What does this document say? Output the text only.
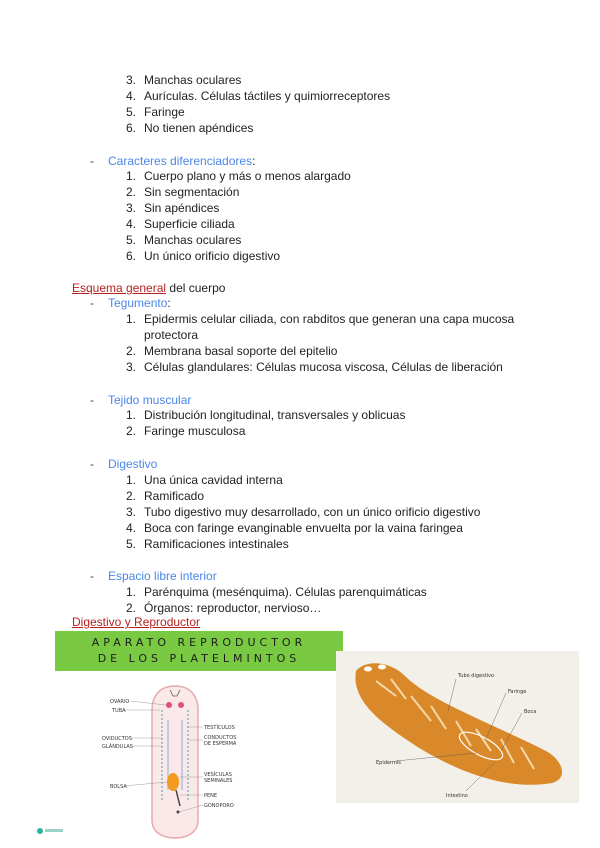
3. Manchas oculares
4. Aurículas. Células táctiles y quimiorreceptores
5. Faringe
6. No tienen apéndices
- Caracteres diferenciadores:
1. Cuerpo plano y más o menos alargado
2. Sin segmentación
3. Sin apéndices
4. Superficie ciliada
5. Manchas oculares
6. Un único orificio digestivo
Esquema general del cuerpo
- Tegumento:
1. Epidermis celular ciliada, con rabditos que generan una capa mucosa protectora
2. Membrana basal soporte del epitelio
3. Células glandulares: Células mucosa viscosa, Células de liberación
- Tejido muscular
1. Distribución longitudinal, transversales y oblicuas
2. Faringe musculosa
- Digestivo
1. Una única cavidad interna
2. Ramificado
3. Tubo digestivo muy desarrollado, con un único orificio digestivo
4. Boca con faringe evanginable envuelta por la vaina faringea
5. Ramificaciones intestinales
- Espacio libre interior
1. Parénquima (mesénquima). Células parenquimáticas
2. Órganos: reproductor, nervioso…
Digestivo y Reproductor
APARATO REPRODUCTOR
DE LOS PLATELMINTOS
OVARIO
TUBA
OVIDUCTOS
GLÁNDULAS
BOLSA
TESTÍCULOS
CONDUCTOS
DE ESPERMA
VESÍCULAS
SEMINALES
PENE
GONOPORO
Tubo digestivo
Faringe
Boca
Epidermis
Intestino
